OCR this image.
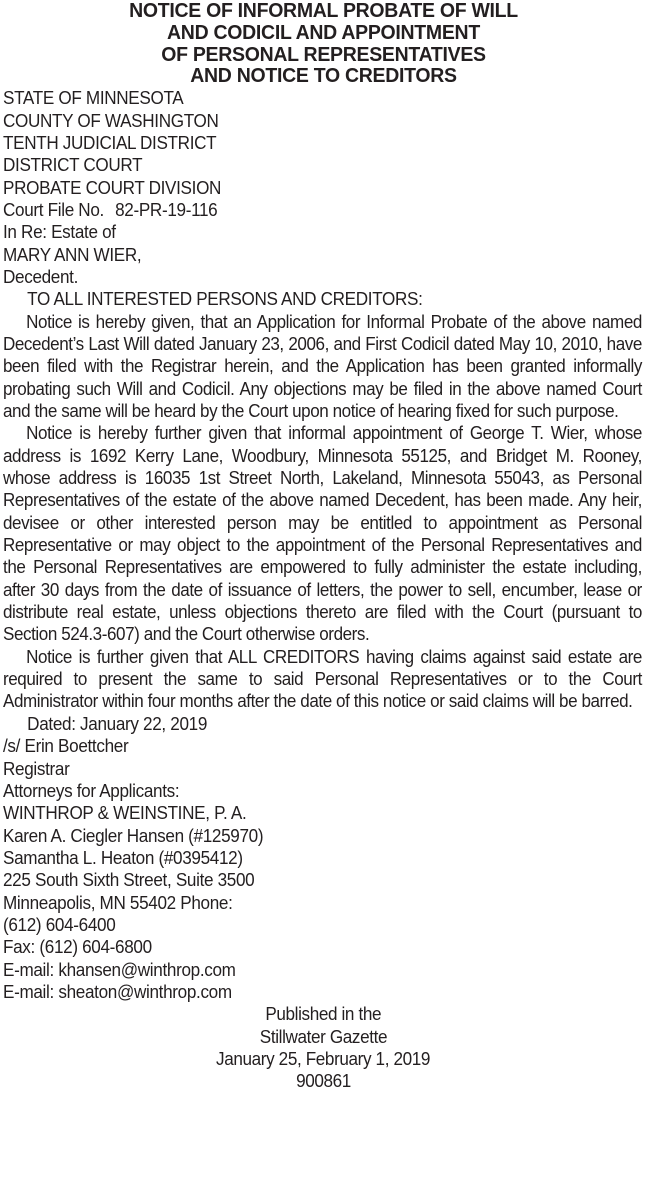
NOTICE OF INFORMAL PROBATE OF WILL
AND CODICIL AND APPOINTMENT
OF PERSONAL REPRESENTATIVES
AND NOTICE TO CREDITORS
STATE OF MINNESOTA
COUNTY OF WASHINGTON
TENTH JUDICIAL DISTRICT
DISTRICT COURT
PROBATE COURT DIVISION
Court File No. 82-PR-19-116
In Re: Estate of
MARY ANN WIER,
Decedent.
TO ALL INTERESTED PERSONS AND CREDITORS:

Notice is hereby given, that an Application for Informal Probate of the above named Decedent’s Last Will dated January 23, 2006, and First Codicil dated May 10, 2010, have been filed with the Registrar herein, and the Application has been granted informally probating such Will and Codicil. Any objections may be filed in the above named Court and the same will be heard by the Court upon notice of hearing fixed for such purpose.

Notice is hereby further given that informal appointment of George T. Wier, whose address is 1692 Kerry Lane, Woodbury, Minnesota 55125, and Bridget M. Rooney, whose address is 16035 1st Street North, Lakeland, Minnesota 55043, as Personal Representatives of the estate of the above named Decedent, has been made. Any heir, devisee or other interested person may be entitled to appointment as Personal Representative or may object to the appointment of the Personal Representatives and the Personal Representatives are empowered to fully administer the estate including, after 30 days from the date of issuance of letters, the power to sell, encumber, lease or distribute real estate, unless objections thereto are filed with the Court (pursuant to Section 524.3-607) and the Court otherwise orders.

Notice is further given that ALL CREDITORS having claims against said estate are required to present the same to said Personal Representatives or to the Court Administrator within four months after the date of this notice or said claims will be barred.

Dated: January 22, 2019
/s/ Erin Boettcher
Registrar
Attorneys for Applicants:
WINTHROP & WEINSTINE, P. A.
Karen A. Ciegler Hansen (#125970)
Samantha L. Heaton (#0395412)
225 South Sixth Street, Suite 3500
Minneapolis, MN 55402 Phone:
(612) 604-6400
Fax: (612) 604-6800
E-mail: khansen@winthrop.com
E-mail: sheaton@winthrop.com
Published in the
Stillwater Gazette
January 25, February 1, 2019
900861
